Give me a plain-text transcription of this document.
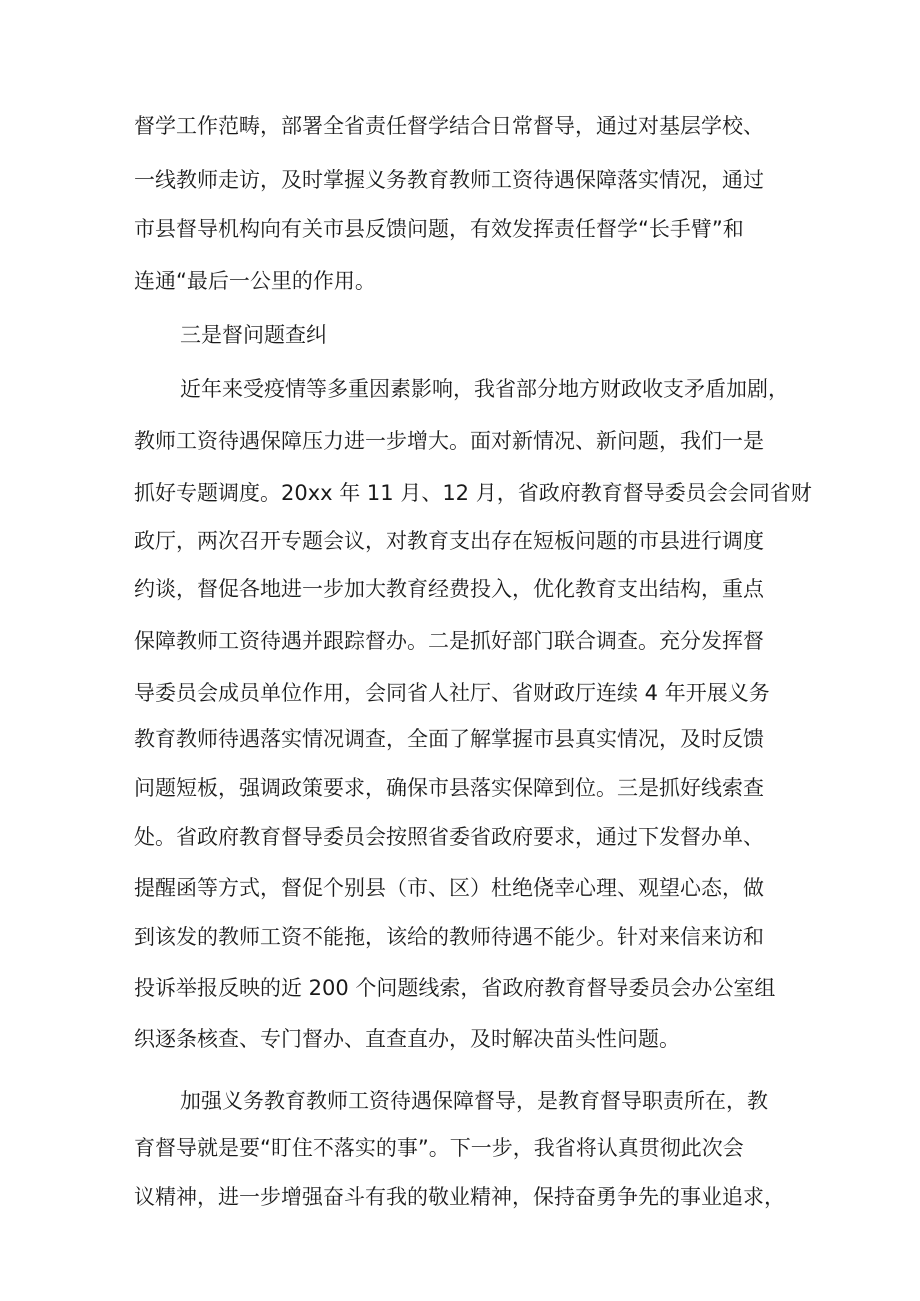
督学工作范畴，部署全省责任督学结合日常督导，通过对基层学校、
一线教师走访，及时掌握义务教育教师工资待遇保障落实情况，通过
市县督导机构向有关市县反馈问题，有效发挥责任督学“长手臂”和
连通“最后一公里的作用。
三是督问题查纠
近年来受疫情等多重因素影响，我省部分地方财政收支矛盾加剧，
教师工资待遇保障压力进一步增大。面对新情况、新问题，我们一是
抓好专题调度。20xx 年 11 月、12 月，省政府教育督导委员会会同省财
政厅，两次召开专题会议，对教育支出存在短板问题的市县进行调度
约谈，督促各地进一步加大教育经费投入，优化教育支出结构，重点
保障教师工资待遇并跟踪督办。二是抓好部门联合调查。充分发挥督
导委员会成员单位作用，会同省人社厅、省财政厅连续 4 年开展义务
教育教师待遇落实情况调查，全面了解掌握市县真实情况，及时反馈
问题短板，强调政策要求，确保市县落实保障到位。三是抓好线索查
处。省政府教育督导委员会按照省委省政府要求，通过下发督办单、
提醒函等方式，督促个别县（市、区）杜绝侥幸心理、观望心态，做
到该发的教师工资不能拖，该给的教师待遇不能少。针对来信来访和
投诉举报反映的近 200 个问题线索，省政府教育督导委员会办公室组
织逐条核查、专门督办、直查直办，及时解决苗头性问题。
加强义务教育教师工资待遇保障督导，是教育督导职责所在，教
育督导就是要“盯住不落实的事”。下一步，我省将认真贯彻此次会
议精神，进一步增强奋斗有我的敬业精神，保持奋勇争先的事业追求，
